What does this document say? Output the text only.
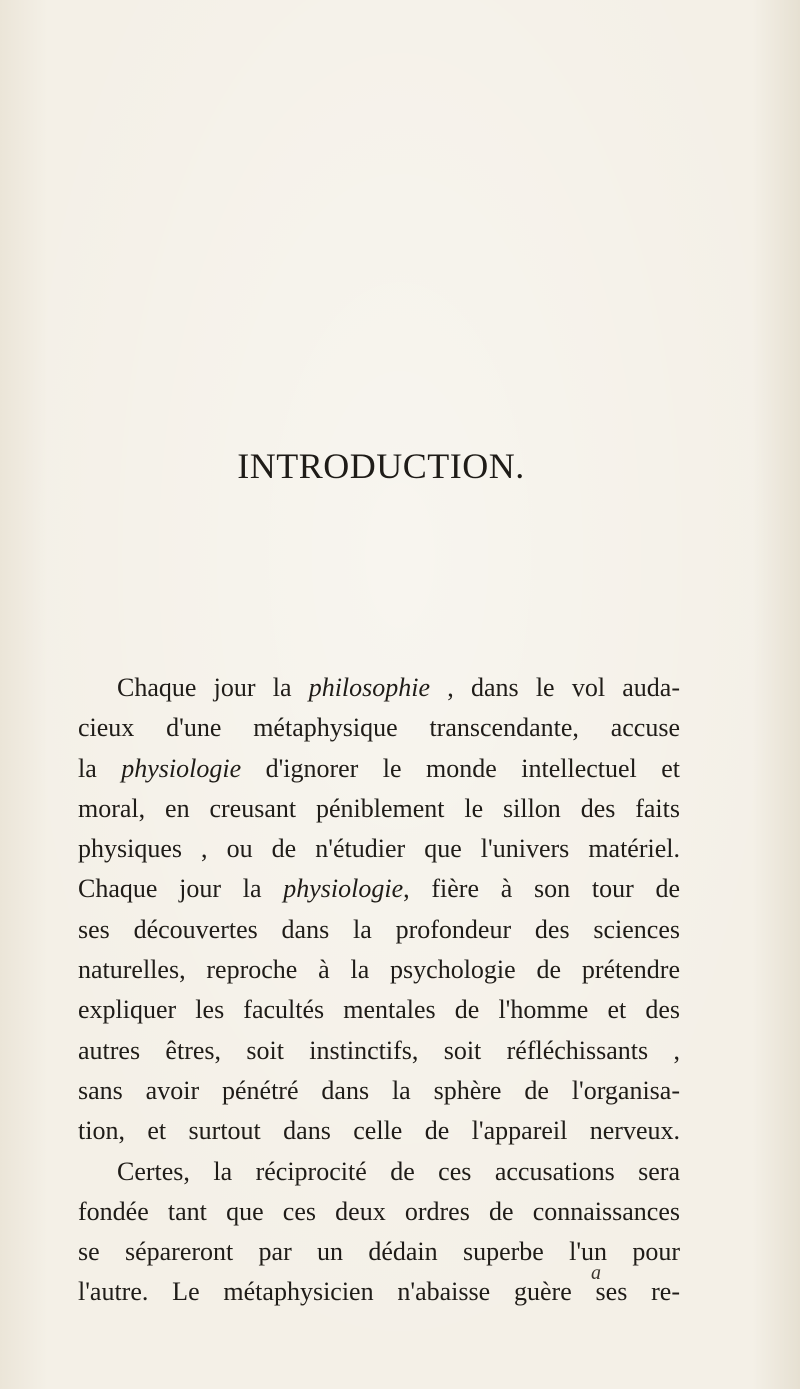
INTRODUCTION.
Chaque jour la philosophie , dans le vol auda-
cieux d'une métaphysique transcendante, accuse
la physiologie d'ignorer le monde intellectuel et
moral, en creusant péniblement le sillon des faits
physiques , ou de n'étudier que l'univers matériel.
Chaque jour la physiologie, fière à son tour de
ses découvertes dans la profondeur des sciences
naturelles, reproche à la psychologie de prétendre
expliquer les facultés mentales de l'homme et des
autres êtres, soit instinctifs, soit réfléchissants ,
sans avoir pénétré dans la sphère de l'organisa-
tion, et surtout dans celle de l'appareil nerveux.
Certes, la réciprocité de ces accusations sera
fondée tant que ces deux ordres de connaissances
se sépareront par un dédain superbe l'un pour
l'autre. Le métaphysicien n'abaisse guère ses re-
a
